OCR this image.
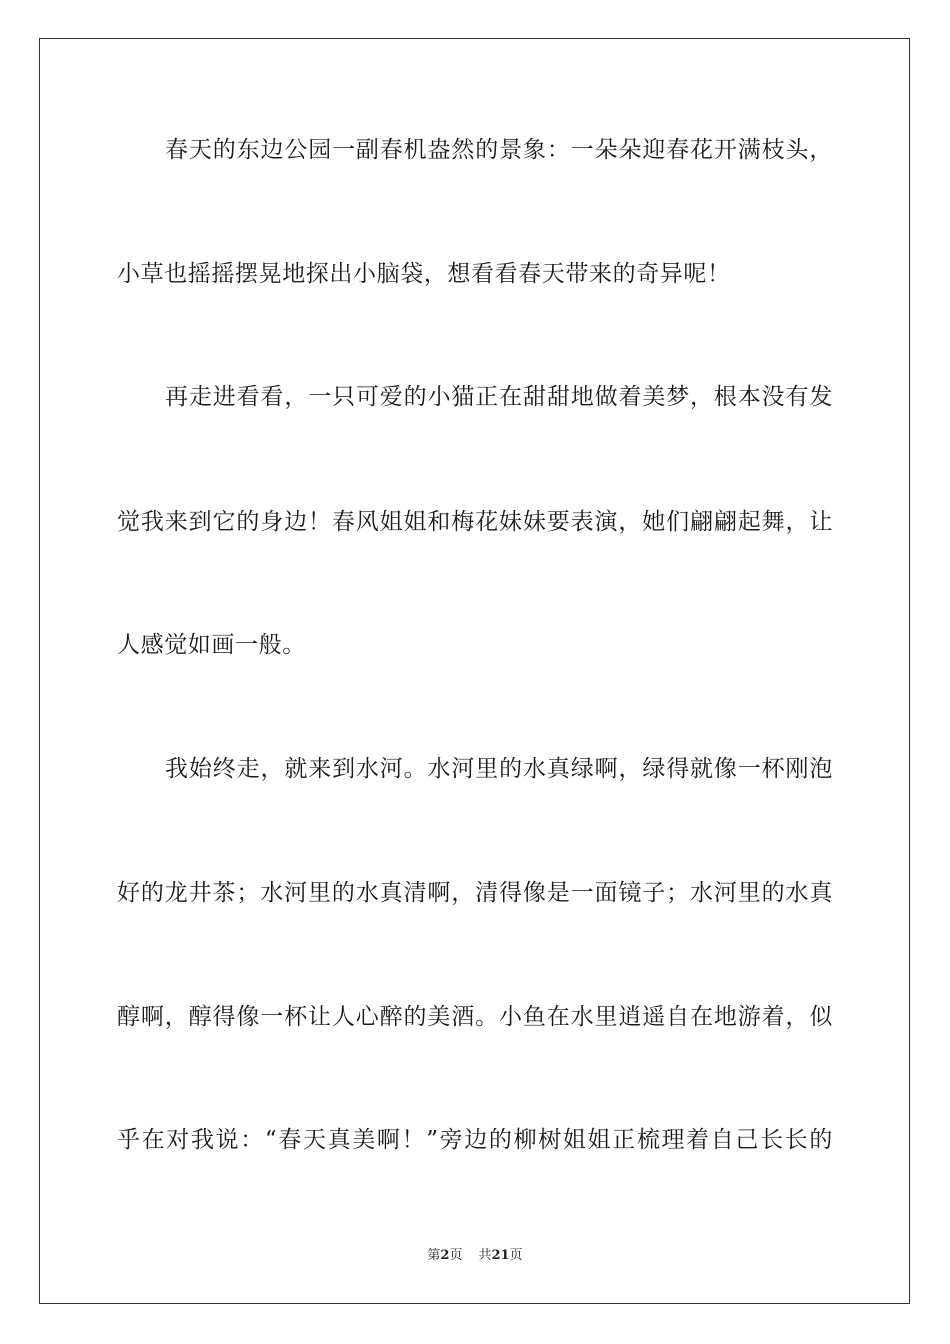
春天的东边公园一副春机盎然的景象：一朵朵迎春花开满枝头，
小草也摇摇摆晃地探出小脑袋，想看看春天带来的奇异呢！
再走进看看，一只可爱的小猫正在甜甜地做着美梦，根本没有发
觉我来到它的身边！春风姐姐和梅花妹妹要表演，她们翩翩起舞，让
人感觉如画一般。
我始终走，就来到水河。水河里的水真绿啊，绿得就像一杯刚泡
好的龙井茶；水河里的水真清啊，清得像是一面镜子；水河里的水真
醇啊，醇得像一杯让人心醉的美酒。小鱼在水里逍遥自在地游着，似
乎在对我说：“春天真美啊！”旁边的柳树姐姐正梳理着自己长长的
第2页 共21页
